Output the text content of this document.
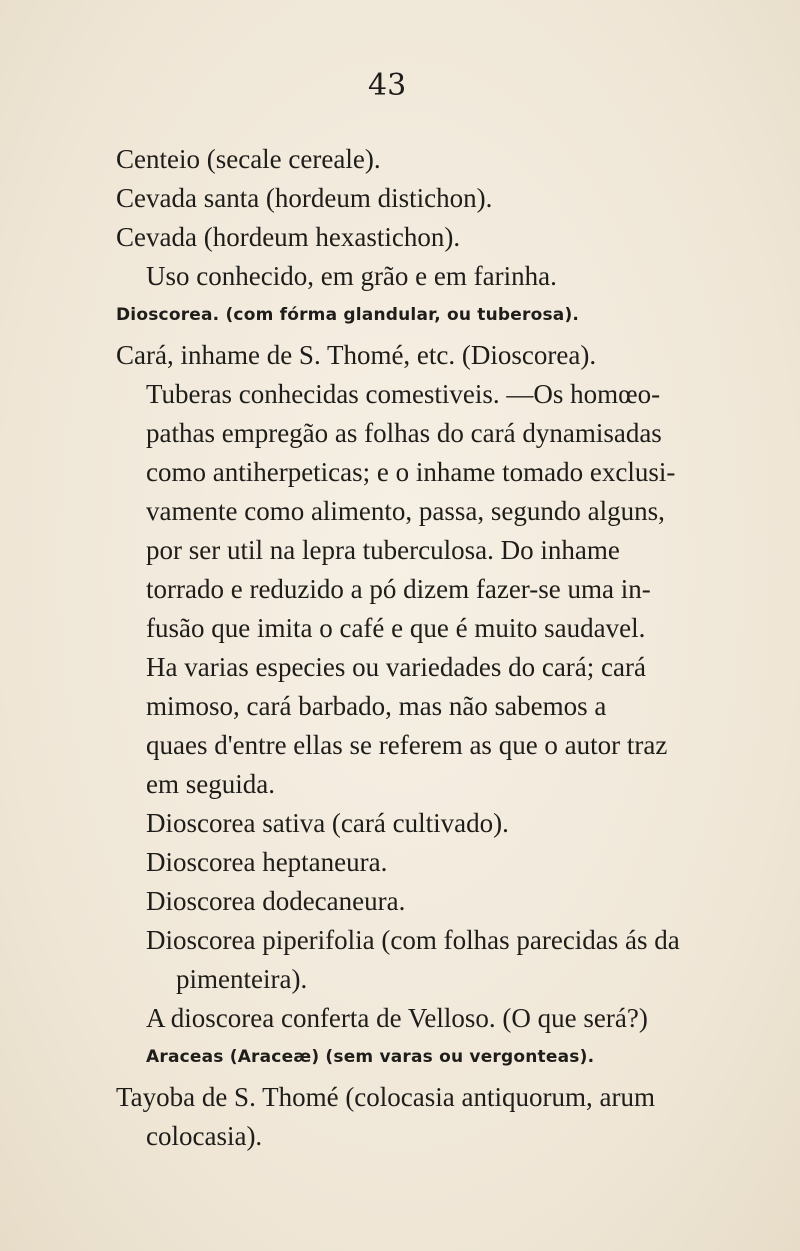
43
Centeio (secale cereale).
Cevada santa (hordeum distichon).
Cevada (hordeum hexastichon).
Uso conhecido, em grão e em farinha.
Dioscorea. (com fórma glandular, ou tuberosa).
Cará, inhame de S. Thomé, etc. (Dioscorea).
Tuberas conhecidas comestiveis. —Os homœo-
pathas empregão as folhas do cará dynamisadas
como antiherpeticas; e o inhame tomado exclusi-
vamente como alimento, passa, segundo alguns,
por ser util na lepra tuberculosa. Do inhame
torrado e reduzido a pó dizem fazer-se uma in-
fusão que imita o café e que é muito saudavel.
Ha varias especies ou variedades do cará; cará
mimoso, cará barbado, mas não sabemos a
quaes d'entre ellas se referem as que o autor traz
em seguida.
Dioscorea sativa (cará cultivado).
Dioscorea heptaneura.
Dioscorea dodecaneura.
Dioscorea piperifolia (com folhas parecidas ás da
pimenteira).
A dioscorea conferta de Velloso. (O que será?)
Araceas (Araceæ) (sem varas ou vergonteas).
Tayoba de S. Thomé (colocasia antiquorum, arum
colocasia).
